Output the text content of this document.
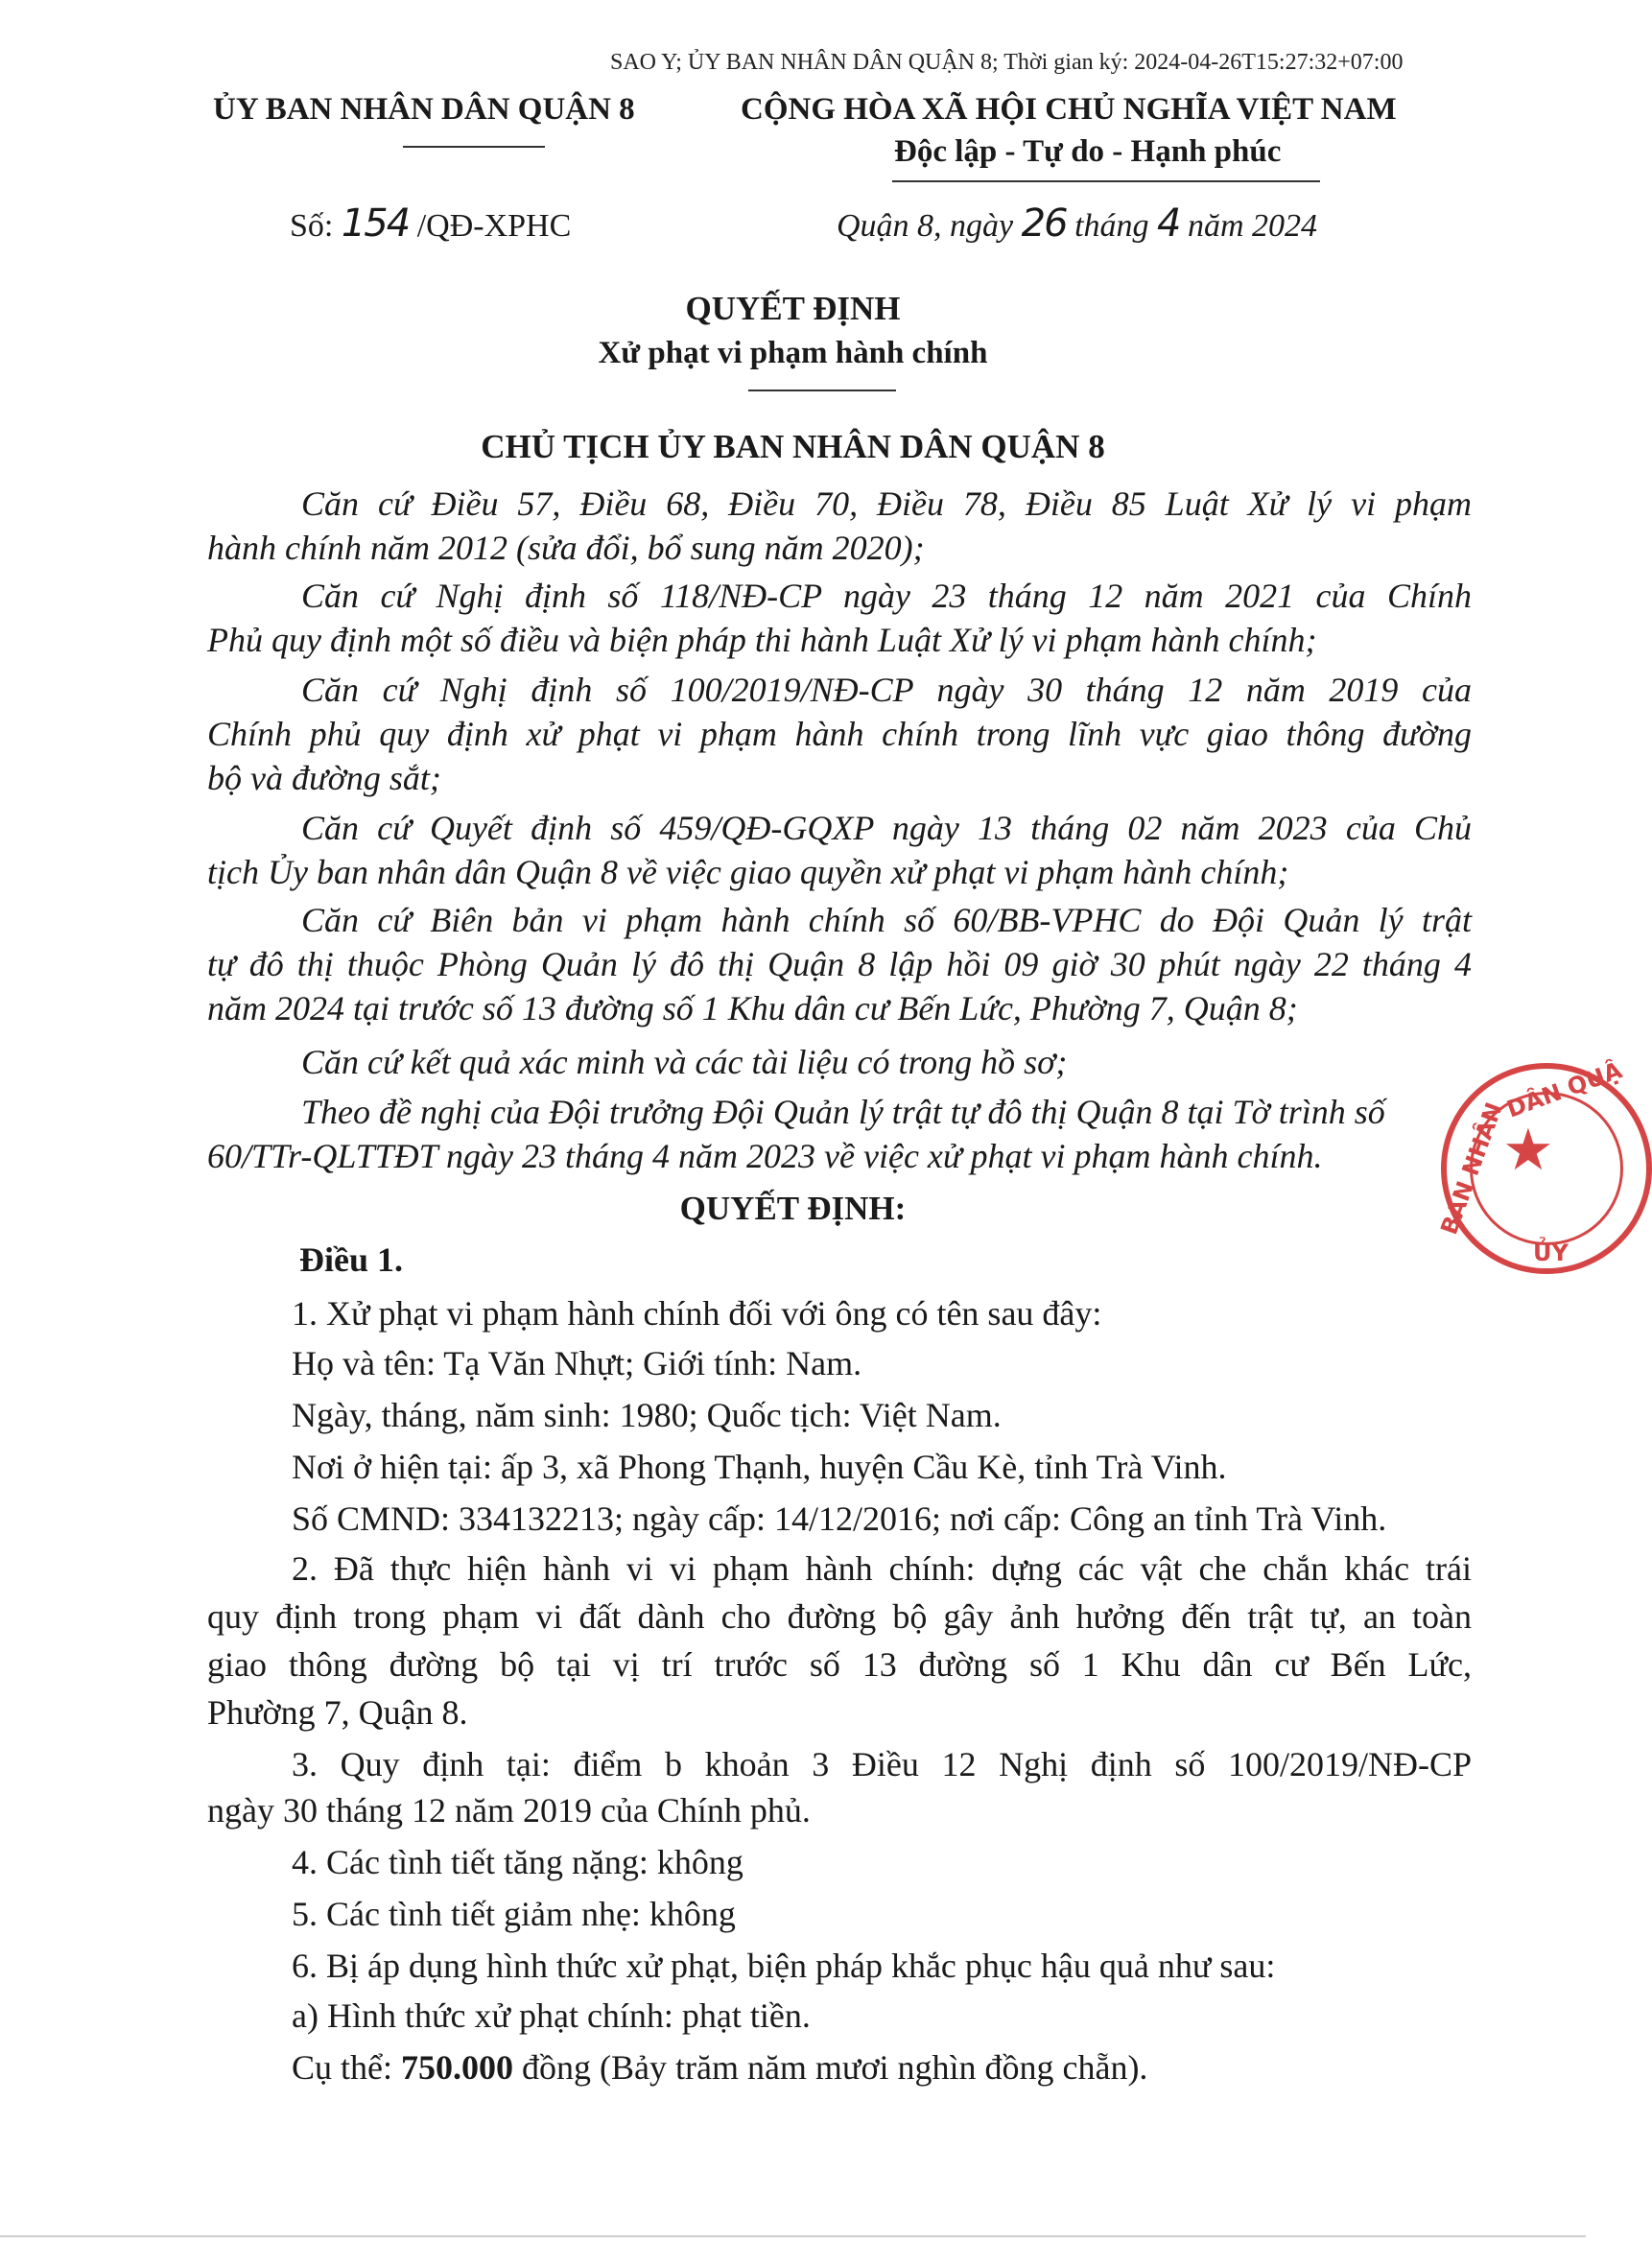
SAO Y; ỦY BAN NHÂN DÂN QUẬN 8; Thời gian ký: 2024-04-26T15:27:32+07:00
ỦY BAN NHÂN DÂN QUẬN 8	CỘNG HÒA XÃ HỘI CHỦ NGHĨA VIỆT NAM
Độc lập - Tự do - Hạnh phúc
Số: 154 /QĐ-XPHC	Quận 8, ngày 26 tháng 4 năm 2024
QUYẾT ĐỊNH
Xử phạt vi phạm hành chính
CHỦ TỊCH ỦY BAN NHÂN DÂN QUẬN 8
Căn cứ Điều 57, Điều 68, Điều 70, Điều 78, Điều 85 Luật Xử lý vi phạm
hành chính năm 2012 (sửa đổi, bổ sung năm 2020);
Căn cứ Nghị định số 118/NĐ-CP ngày 23 tháng 12 năm 2021 của Chính
Phủ quy định một số điều và biện pháp thi hành Luật Xử lý vi phạm hành chính;
Căn cứ Nghị định số 100/2019/NĐ-CP ngày 30 tháng 12 năm 2019 của
Chính phủ quy định xử phạt vi phạm hành chính trong lĩnh vực giao thông đường
bộ và đường sắt;
Căn cứ Quyết định số 459/QĐ-GQXP ngày 13 tháng 02 năm 2023 của Chủ
tịch Ủy ban nhân dân Quận 8 về việc giao quyền xử phạt vi phạm hành chính;
Căn cứ Biên bản vi phạm hành chính số 60/BB-VPHC do Đội Quản lý trật
tự đô thị thuộc Phòng Quản lý đô thị Quận 8 lập hồi 09 giờ 30 phút ngày 22 tháng 4
năm 2024 tại trước số 13 đường số 1 Khu dân cư Bến Lức, Phường 7, Quận 8;
Căn cứ kết quả xác minh và các tài liệu có trong hồ sơ;
Theo đề nghị của Đội trưởng Đội Quản lý trật tự đô thị Quận 8 tại Tờ trình số
60/TTr-QLTTĐT ngày 23 tháng 4 năm 2023 về việc xử phạt vi phạm hành chính.
QUYẾT ĐỊNH:
Điều 1.
1. Xử phạt vi phạm hành chính đối với ông có tên sau đây:
Họ và tên: Tạ Văn Nhựt; Giới tính: Nam.
Ngày, tháng, năm sinh: 1980; Quốc tịch: Việt Nam.
Nơi ở hiện tại: ấp 3, xã Phong Thạnh, huyện Cầu Kè, tỉnh Trà Vinh.
Số CMND: 334132213; ngày cấp: 14/12/2016; nơi cấp: Công an tỉnh Trà Vinh.
2. Đã thực hiện hành vi vi phạm hành chính: dựng các vật che chắn khác trái
quy định trong phạm vi đất dành cho đường bộ gây ảnh hưởng đến trật tự, an toàn
giao thông đường bộ tại vị trí trước số 13 đường số 1 Khu dân cư Bến Lức,
Phường 7, Quận 8.
3. Quy định tại: điểm b khoản 3 Điều 12 Nghị định số 100/2019/NĐ-CP
ngày 30 tháng 12 năm 2019 của Chính phủ.
4. Các tình tiết tăng nặng: không
5. Các tình tiết giảm nhẹ: không
6. Bị áp dụng hình thức xử phạt, biện pháp khắc phục hậu quả như sau:
a) Hình thức xử phạt chính: phạt tiền.
Cụ thể: 750.000 đồng (Bảy trăm năm mươi nghìn đồng chẵn).
★
DÂN QUẬ
BAN NHÂN
ỦY
